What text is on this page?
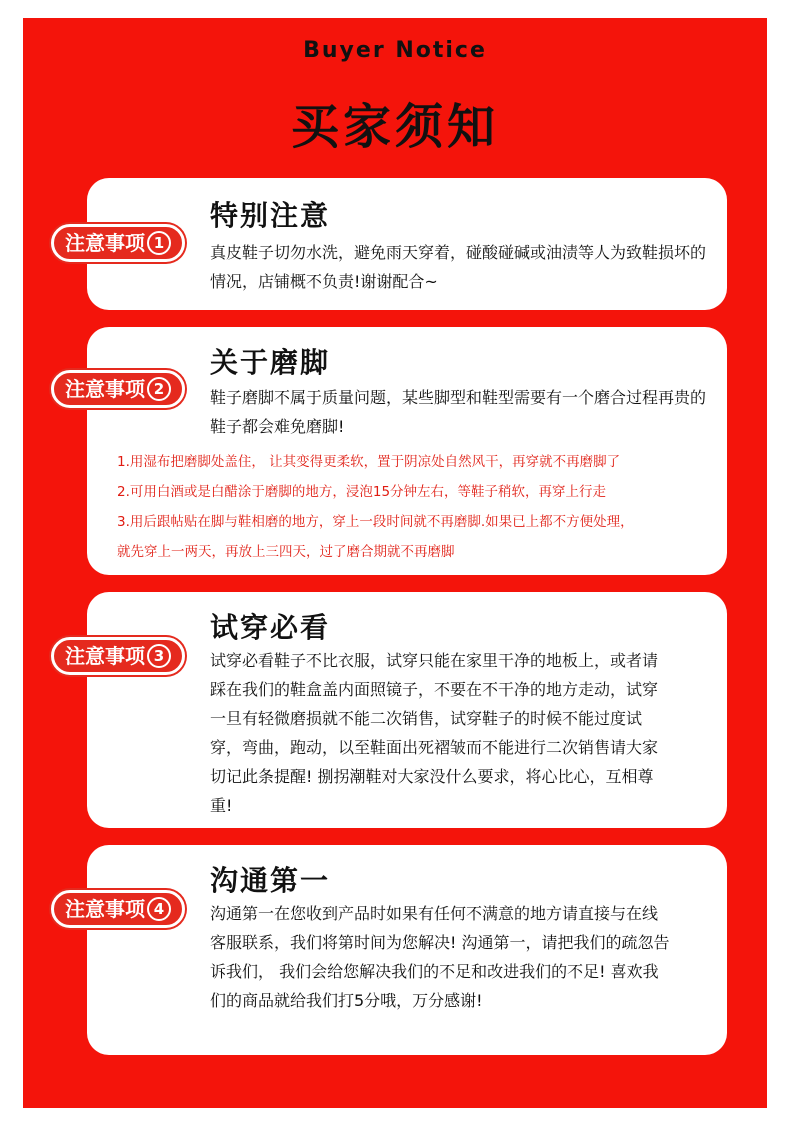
Buyer Notice
买家须知
特别注意

真皮鞋子切勿水洗，避免雨天穿着，碰酸碰碱或油渍等人为致鞋损坏的情况，店铺概不负责!谢谢配合~

关于磨脚

鞋子磨脚不属于质量问题，某些脚型和鞋型需要有一个磨合过程再贵的鞋子都会难免磨脚!

1.用湿布把磨脚处盖住， 让其变得更柔软，置于阴凉处自然风干，再穿就不再磨脚了
2.可用白酒或是白醋涂于磨脚的地方，浸泡15分钟左右，等鞋子稍软，再穿上行走
3.用后跟帖贴在脚与鞋相磨的地方，穿上一段时间就不再磨脚.如果已上都不方便处理，
就先穿上一两天，再放上三四天，过了磨合期就不再磨脚
试穿必看

试穿必看鞋子不比衣服，试穿只能在家里干净的地板上，或者请踩在我们的鞋盒盖内面照镜子，不要在不干净的地方走动，试穿一旦有轻微磨损就不能二次销售，试穿鞋子的时候不能过度试穿，弯曲，跑动，以至鞋面出死褶皱而不能进行二次销售请大家切记此条提醒! 捌拐潮鞋对大家没什么要求，将心比心，互相尊重!

沟通第一

沟通第一在您收到产品时如果有任何不满意的地方请直接与在线客服联系，我们将第时间为您解决! 沟通第一，请把我们的疏忽告诉我们， 我们会给您解决我们的不足和改进我们的不足! 喜欢我们的商品就给我们打5分哦，万分感谢!

注意事项 1
注意事项 2
注意事项 3
注意事项 4
